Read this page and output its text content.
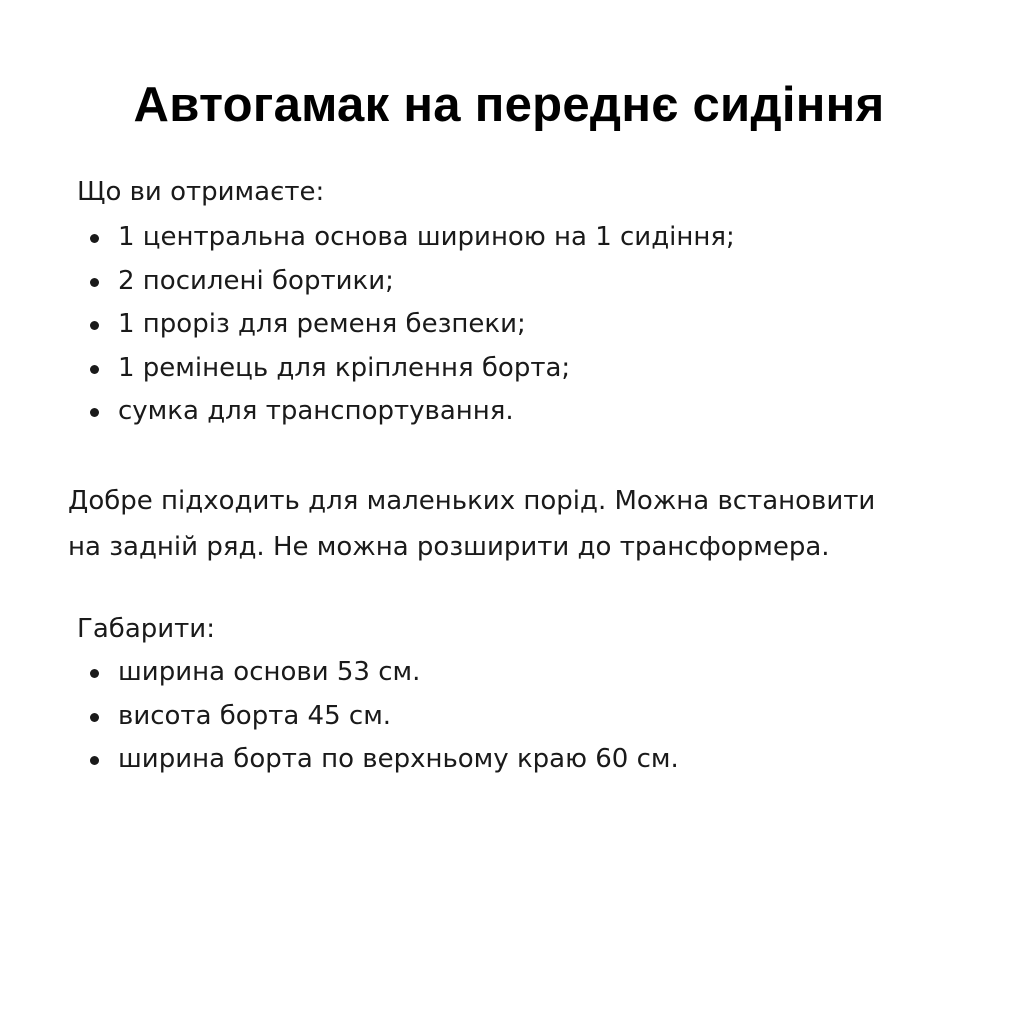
Автогамак на переднє сидіння

Що ви отримаєте:

1 центральна основа шириною на 1 сидіння;
2 посилені бортики;
1 проріз для ременя безпеки;
1 ремінець для кріплення борта;
сумка для транспортування.

Добре підходить для маленьких порід. Можна встановити
на задній ряд. Не можна розширити до трансформера.

Габарити:

ширина основи 53 см.
висота борта 45 см.
ширина борта по верхньому краю 60 см.
